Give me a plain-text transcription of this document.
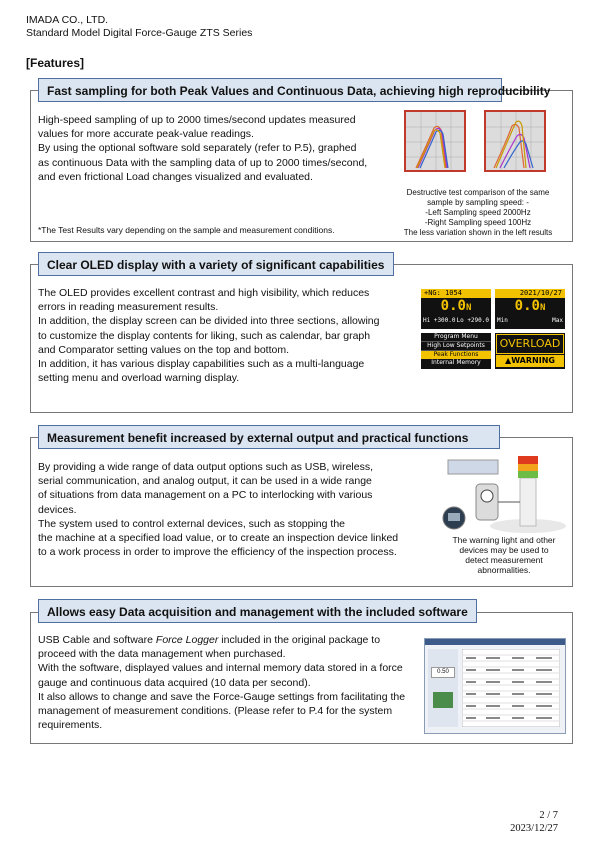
IMADA CO., LTD.
Standard Model Digital Force-Gauge ZTS Series
[Features]
Fast sampling for both Peak Values and Continuous Data, achieving high reproducibility
High-speed sampling of up to 2000 times/second updates measured
values for more accurate peak-value readings.
By using the optional software sold separately (refer to P.5), graphed
as continuous Data with the sampling data of up to 2000 times/second,
and even frictional Load changes visualized and evaluated.
*The Test Results vary depending on the sample and measurement conditions.
Destructive test comparison of the same
sample by sampling speed: -
-Left Sampling speed 2000Hz
-Right Sampling speed 100Hz
The less variation shown in the left results
Clear OLED display with a variety of significant capabilities
The OLED provides excellent contrast and high visibility, which reduces
errors in reading measurement results.
In addition, the display screen can be divided into three sections, allowing
to customize the display contents for liking, such as calendar, bar graph
and Comparator setting values on the top and bottom.
In addition, it has various display capabilities such as a multi-language
setting menu and overload warning display.
+NG: 1054
0.0N
Hi +300.0 Lo +290.0
2021/10/27
0.0N
Min	Max
Program Menu
High Low Setpoints
Peak Functions
Internal Memory
OVERLOAD
▲WARNING
Measurement benefit increased by external output and practical functions
By providing a wide range of data output options such as USB, wireless,
serial communication, and analog output, it can be used in a wide range
of situations from data management on a PC to interlocking with various
devices.
The system used to control external devices, such as stopping the
the machine at a specified load value, or to create an inspection device linked
to a work process in order to improve the efficiency of the inspection process.
The warning light and other
devices may be used to
detect measurement
abnormalities.
Allows easy Data acquisition and management with the included software
USB Cable and software Force Logger included in the original package to
proceed with the data management when purchased.
With the software, displayed values and internal memory data stored in a force
gauge and continuous data acquired (10 data per second).
It also allows to change and save the Force-Gauge settings from facilitating the
management of measurement conditions. (Please refer to P.4 for the system
requirements.
0.50
2 / 7
2023/12/27
